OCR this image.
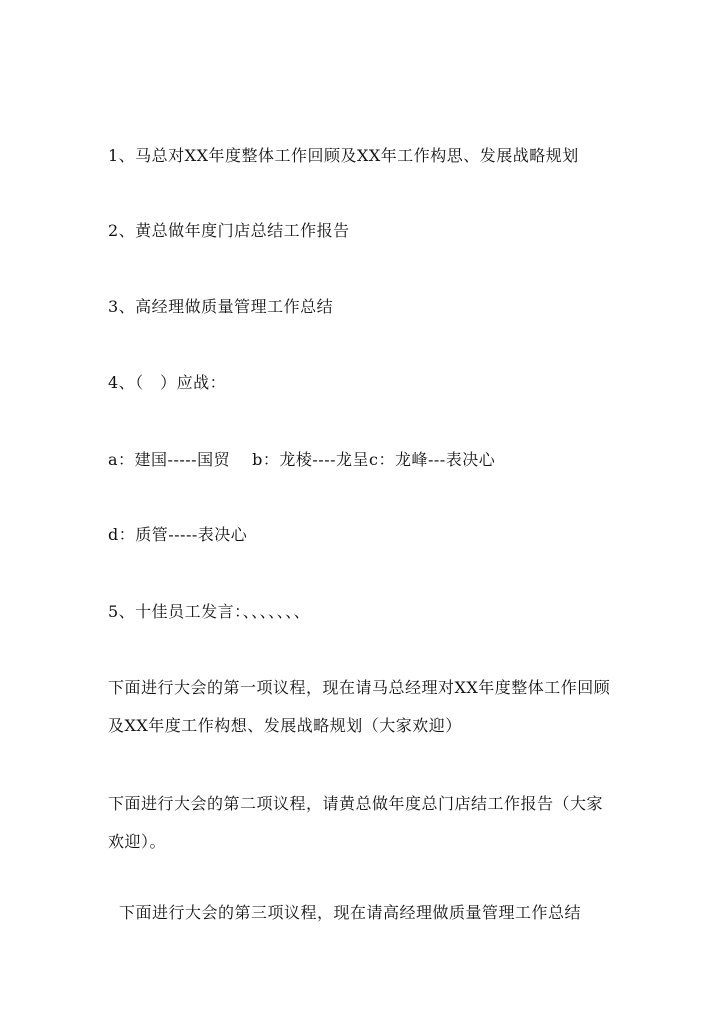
1、马总对XX年度整体工作回顾及XX年工作构思、发展战略规划
2、黄总做年度门店总结工作报告
3、高经理做质量管理工作总结
4、（　）应战：
a：建国-----国贸　 b：龙棱----龙呈c：龙峰---表决心
d：质管-----表决心
5、十佳员工发言：、、、、、、、
下面进行大会的第一项议程，现在请马总经理对XX年度整体工作回顾及XX年度工作构想、发展战略规划（大家欢迎）
下面进行大会的第二项议程，请黄总做年度总门店结工作报告（大家欢迎）。
下面进行大会的第三项议程，现在请高经理做质量管理工作总结
